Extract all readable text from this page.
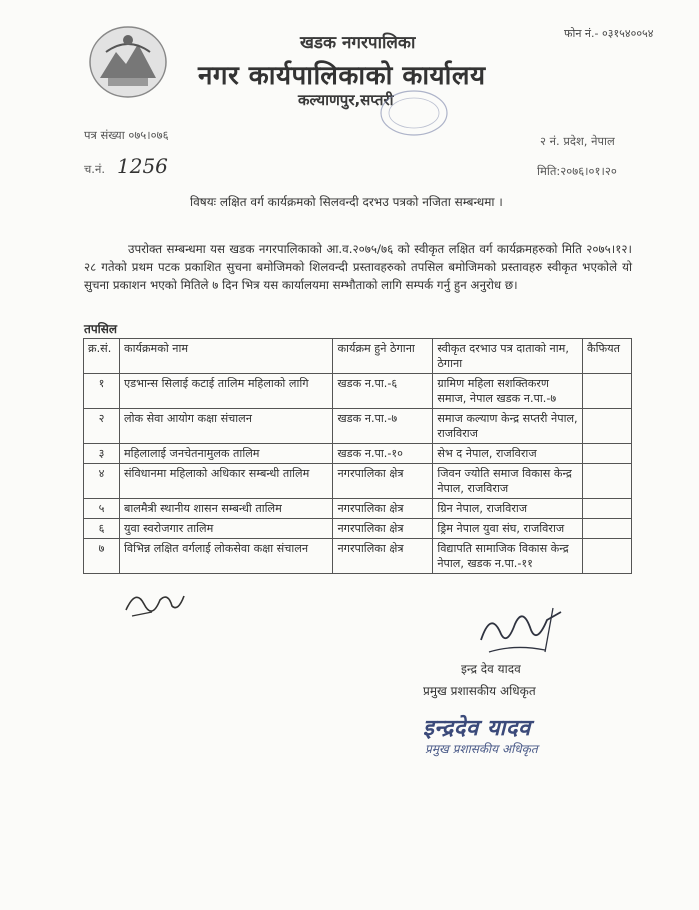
खडक नगरपालिका
नगर कार्यपालिकाको कार्यालय
कल्याणपुर,सप्तरी
फोन नं.- ०३१५४००५४
पत्र संख्या ०७५।०७६
च.नं. 1256
२ नं. प्रदेश, नेपाल
मिति:२०७६।०१।२०
विषयः लक्षित वर्ग कार्यक्रमको सिलवन्दी दरभउ पत्रको नजिता सम्बन्धमा ।
उपरोक्त सम्बन्धमा यस खडक नगरपालिकाको आ.व.२०७५/७६ को स्वीकृत लक्षित वर्ग कार्यक्रमहरुको मिति २०७५।१२।२८ गतेको प्रथम पटक प्रकाशित सुचना बमोजिमको शिलवन्दी प्रस्तावहरुको तपसिल बमोजिमको प्रस्तावहरु स्वीकृत भएकोले यो सुचना प्रकाशन भएको मितिले ७ दिन भित्र यस कार्यालयमा सम्भौताको लागि सम्पर्क गर्नु हुन अनुरोध छ।
तपसिल
क्र.सं.	कार्यक्रमको नाम	कार्यक्रम हुने ठेगाना	स्वीकृत दरभाउ पत्र दाताको नाम, ठेगाना	कैफियत
१	एडभान्स सिलाई कटाई तालिम महिलाको लागि	खडक न.पा.-६	ग्रामिण महिला सशक्तिकरण समाज, नेपाल खडक न.पा.-७	
२	लोक सेवा आयोग कक्षा संचालन	खडक न.पा.-७	समाज कल्याण केन्द्र सप्तरी नेपाल, राजविराज	
३	महिलालाई जनचेतनामुलक तालिम	खडक न.पा.-१०	सेभ द नेपाल, राजविराज	
४	संविधानमा महिलाको अधिकार सम्बन्धी तालिम	नगरपालिका क्षेत्र	जिवन ज्योति समाज विकास केन्द्र नेपाल, राजविराज	
५	बालमैत्री स्थानीय शासन सम्बन्धी तालिम	नगरपालिका क्षेत्र	ग्रिन नेपाल, राजविराज	
६	युवा स्वरोजगार तालिम	नगरपालिका क्षेत्र	ड्रिम नेपाल युवा संघ, राजविराज	
७	विभिन्न लक्षित वर्गलाई लोकसेवा कक्षा संचालन	नगरपालिका क्षेत्र	विद्यापति सामाजिक विकास केन्द्र नेपाल, खडक न.पा.-११	
इन्द्र देव यादव
प्रमुख प्रशासकीय अधिकृत
इन्द्रदेव यादव
प्रमुख प्रशासकीय अधिकृत
